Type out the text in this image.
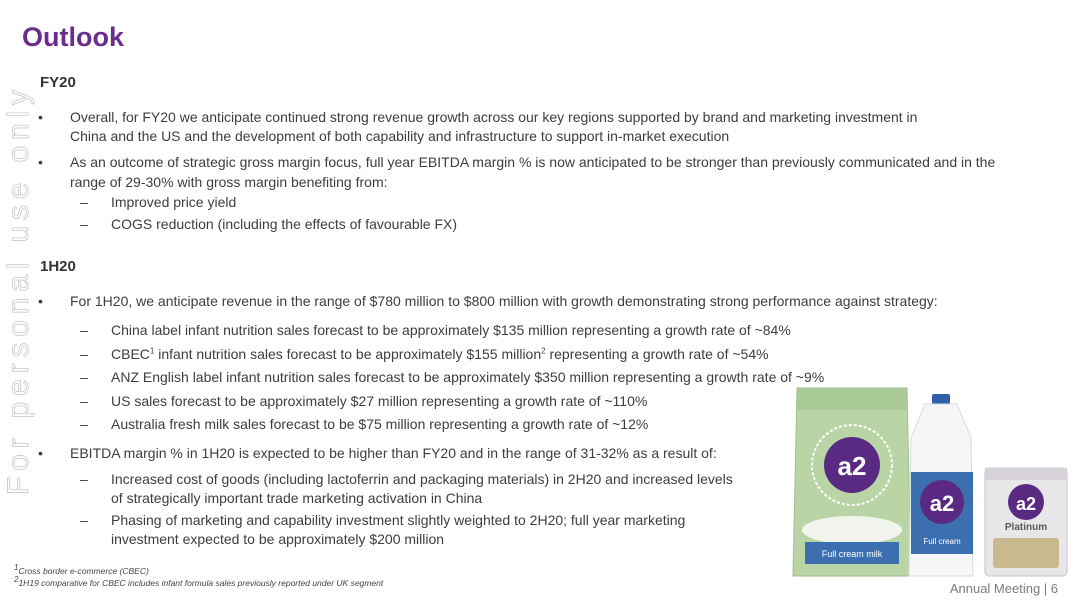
Outlook
For personal use only
FY20
•	Overall, for FY20 we anticipate continued strong revenue growth across our key regions supported by brand and marketing investment in
China and the US and the development of both capability and infrastructure to support in-market execution
•	As an outcome of strategic gross margin focus, full year EBITDA margin % is now anticipated to be stronger than previously communicated and in the
range of 29-30% with gross margin benefiting from:
–	Improved price yield
–	COGS reduction (including the effects of favourable FX)
1H20
•	For 1H20, we anticipate revenue in the range of $780 million to $800 million with growth demonstrating strong performance against strategy:
–	China label infant nutrition sales forecast to be approximately $135 million representing a growth rate of ~84%
–	CBEC$^1$ infant nutrition sales forecast to be approximately $155 million$^2$ representing a growth rate of ~54%
–	ANZ English label infant nutrition sales forecast to be approximately $350 million representing a growth rate of ~9%
–	US sales forecast to be approximately $27 million representing a growth rate of ~110%
–	Australia fresh milk sales forecast to be $75 million representing a growth rate of ~12%
•	EBITDA margin % in 1H20 is expected to be higher than FY20 and in the range of 31-32% as a result of:
–	Increased cost of goods (including lactoferrin and packaging materials) in 2H20 and increased levels
of strategically important trade marketing activation in China
–	Phasing of marketing and capability investment slightly weighted to 2H20; full year marketing
investment expected to be approximately $200 million
a2
Full cream milk
a2
Full cream
a2
Platinum
$^1$Cross border e-commerce (CBEC)
$^2$1H19 comparative for CBEC includes infant formula sales previously reported under UK segment	Annual Meeting | 6
